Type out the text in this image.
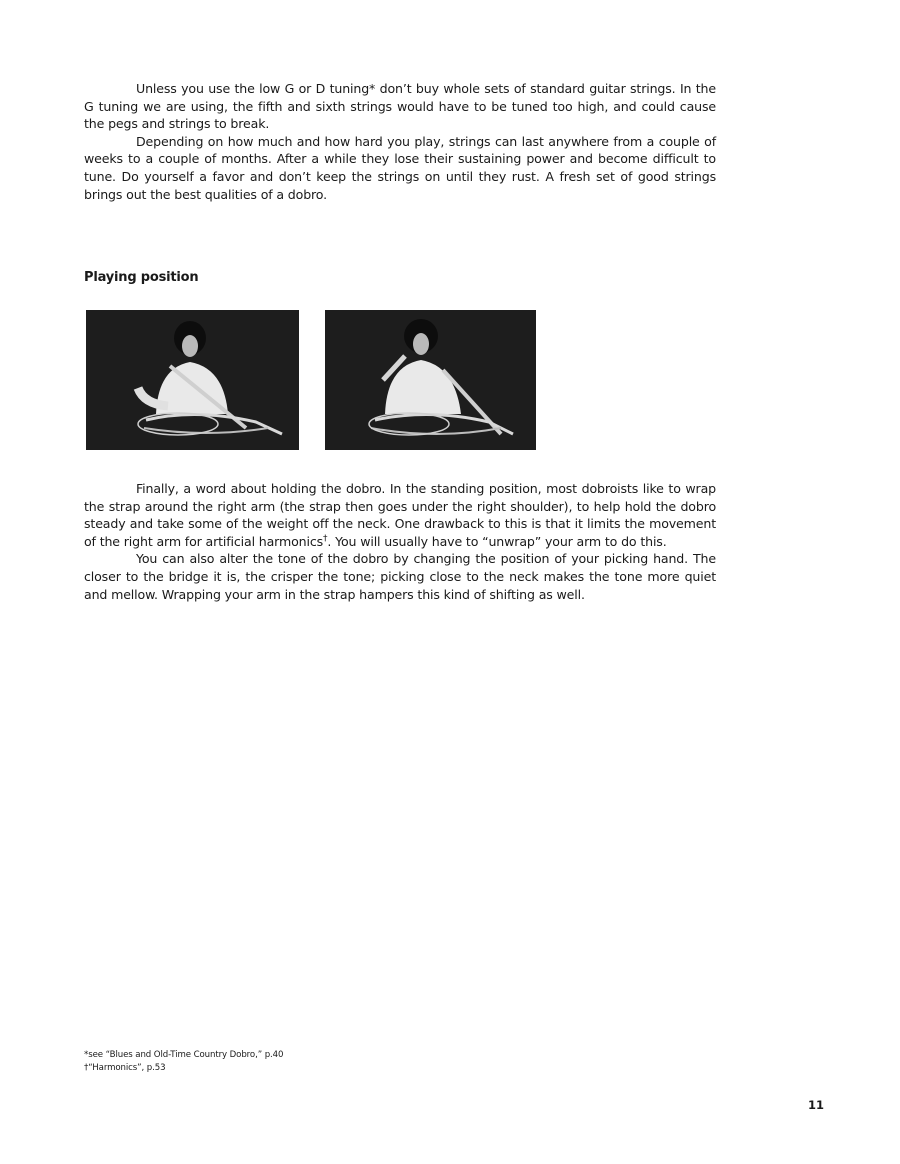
Unless you use the low G or D tuning* don’t buy whole sets of standard guitar strings. In the G tuning we are using, the fifth and sixth strings would have to be tuned too high, and could cause the pegs and strings to break.

Depending on how much and how hard you play, strings can last anywhere from a couple of weeks to a couple of months. After a while they lose their sustaining power and become difficult to tune. Do yourself a favor and don’t keep the strings on until they rust. A fresh set of good strings brings out the best qualities of a dobro.

Playing position

Finally, a word about holding the dobro. In the standing position, most dobroists like to wrap the strap around the right arm (the strap then goes under the right shoulder), to help hold the dobro steady and take some of the weight off the neck. One drawback to this is that it limits the movement of the right arm for artificial harmonics†. You will usually have to “unwrap” your arm to do this.

You can also alter the tone of the dobro by changing the position of your picking hand. The closer to the bridge it is, the crisper the tone; picking close to the neck makes the tone more quiet and mellow. Wrapping your arm in the strap hampers this kind of shifting as well.

*see “Blues and Old-Time Country Dobro,” p.40
†“Harmonics”, p.53
11
